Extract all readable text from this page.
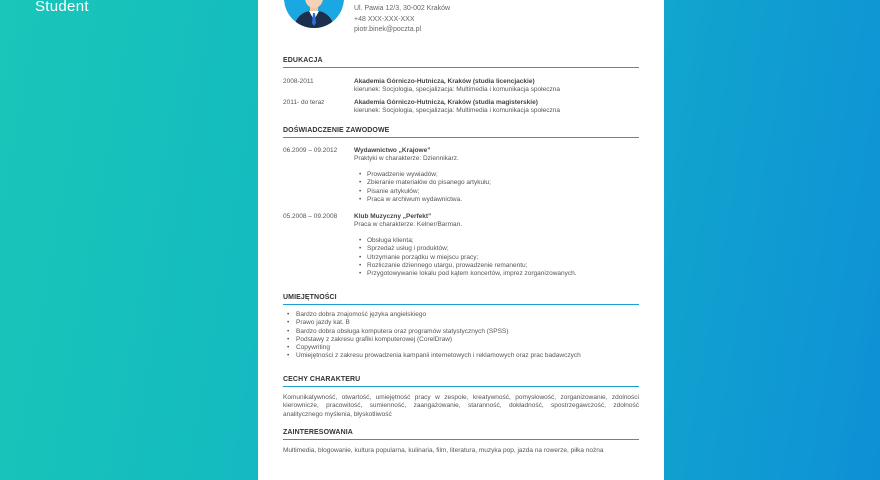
Student	Ul. Pawia 12/3, 30-002 Kraków
+48 XXX-XXX-XXX
piotr.binek@poczta.pl
EDUKACJA
2008-2011	Akademia Górniczo-Hutnicza, Kraków (studia licencjackie)
kierunek: Socjologia, specjalizacja: Multimedia i komunikacja społeczna
2011- do teraz	Akademia Górniczo-Hutnicza, Kraków (studia magisterskie)
kierunek: Socjologia, specjalizacja: Multimedia i komunikacja społeczna
DOŚWIADCZENIE ZAWODOWE
06.2009 – 09.2012	Wydawnictwo „Krajowe”
Praktyki w charakterze: Dziennikarz.
• Prowadzenie wywiadów;
• Zbieranie materiałów do pisanego artykułu;
• Pisanie artykułów;
• Praca w archiwum wydawnictwa.
05.2008 – 09.2008	Klub Muzyczny „Perfekt”
Praca w charakterze: Kelner/Barman.
• Obsługa klienta;
• Sprzedaż usług i produktów;
• Utrzymanie porządku w miejscu pracy;
• Rozliczanie dziennego utargu, prowadzenie remanentu;
• Przygotowywanie lokalu pod kątem koncertów, imprez zorganizowanych.
UMIEJĘTNOŚCI
• Bardzo dobra znajomość języka angielskiego
• Prawo jazdy kat. B
• Bardzo dobra obsługa komputera oraz programów statystycznych (SPSS)
• Podstawy z zakresu grafiki komputerowej (CorelDraw)
• Copywriting
• Umiejętności z zakresu prowadzenia kampanii internetowych i reklamowych oraz prac badawczych
CECHY CHARAKTERU
Komunikatywność, otwartość, umiejętność pracy w zespole, kreatywność, pomysłowość, zorganizowanie, zdolności kierownicze, pracowitość, sumienność, zaangażowanie, staranność, dokładność, spostrzegawczość, zdolność analitycznego myślenia, błyskotliwość
ZAINTERESOWANIA
Multimedia, blogowanie, kultura popularna, kulinaria, film, literatura, muzyka pop, jazda na rowerze, piłka nożna
